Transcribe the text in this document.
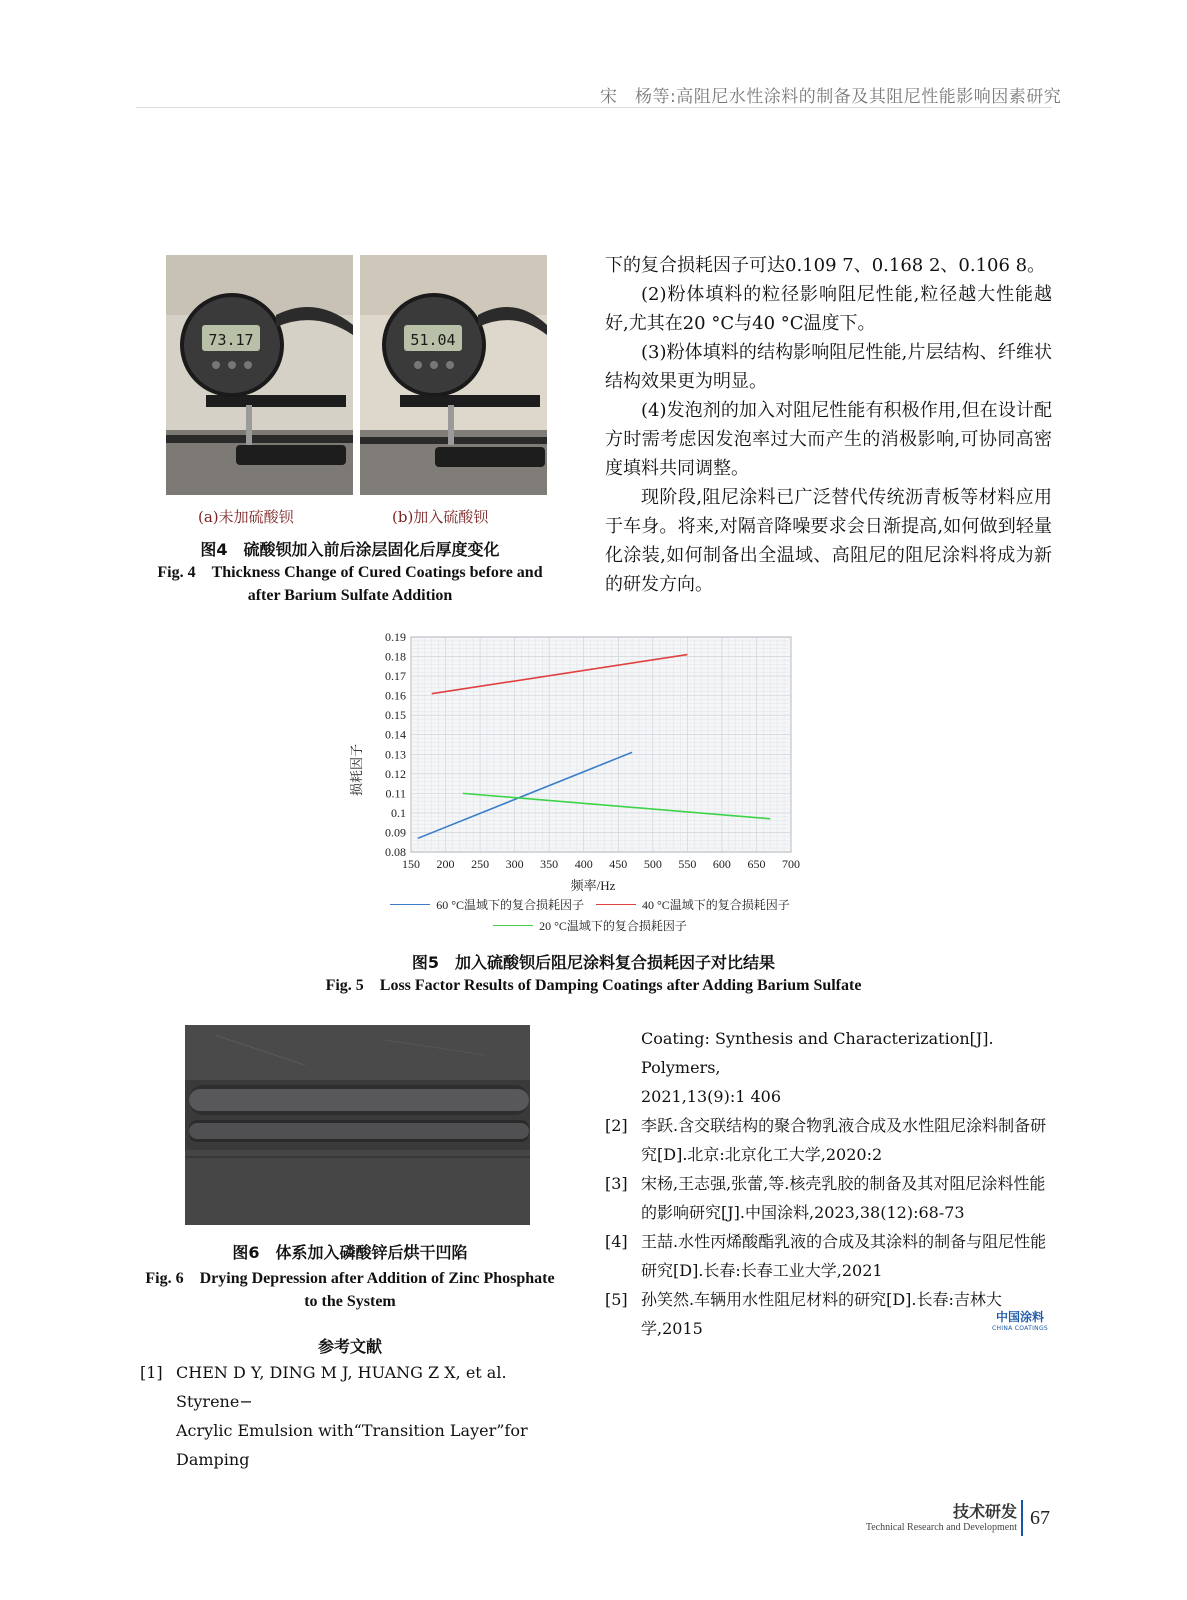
宋　杨等:高阻尼水性涂料的制备及其阻尼性能影响因素研究
73.17	51.04
(a)未加硫酸钡	(b)加入硫酸钡
图4　硫酸钡加入前后涂层固化后厚度变化
Fig. 4　Thickness Change of Cured Coatings before and
after Barium Sulfate Addition

下的复合损耗因子可达0.109 7、0.168 2、0.106 8。

(2)粉体填料的粒径影响阻尼性能,粒径越大性能越好,尤其在20 °C与40 °C温度下。

(3)粉体填料的结构影响阻尼性能,片层结构、纤维状结构效果更为明显。

(4)发泡剂的加入对阻尼性能有积极作用,但在设计配方时需考虑因发泡率过大而产生的消极影响,可协同高密度填料共同调整。

现阶段,阻尼涂料已广泛替代传统沥青板等材料应用于车身。将来,对隔音降噪要求会日渐提高,如何做到轻量化涂装,如何制备出全温域、高阻尼的阻尼涂料将成为新的研发方向。

0.08
0.09
0.1
0.11
0.12
0.13
0.14
0.15
0.16
0.17
0.18
0.19
150 200 250 300 350 400 450 500 550 600 650 700
频率/Hz
损耗因子
60 °C温域下的复合损耗因子	40 °C温域下的复合损耗因子
20 °C温域下的复合损耗因子
图5　加入硫酸钡后阻尼涂料复合损耗因子对比结果
Fig. 5　Loss Factor Results of Damping Coatings after Adding Barium Sulfate
图6　体系加入磷酸锌后烘干凹陷
Fig. 6　Drying Depression after Addition of Zinc Phosphate
to the System
参考文献
[1] CHEN D Y, DING M J, HUANG Z X, et al. Styrene−
Acrylic Emulsion with“Transition Layer”for Damping
Coating: Synthesis and Characterization[J]. Polymers,
2021,13(9):1 406
[2] 李跃.含交联结构的聚合物乳液合成及水性阻尼涂料制备研究[D].北京:北京化工大学,2020:2
[3] 宋杨,王志强,张蕾,等.核壳乳胶的制备及其对阻尼涂料性能的影响研究[J].中国涂料,2023,38(12):68-73
[4] 王喆.水性丙烯酸酯乳液的合成及其涂料的制备与阻尼性能研究[D].长春:长春工业大学,2021
[5] 孙笑然.车辆用水性阻尼材料的研究[D].长春:吉林大学,2015
中国涂料
CHINA COATINGS
技术研发
Technical Research and Development 67
